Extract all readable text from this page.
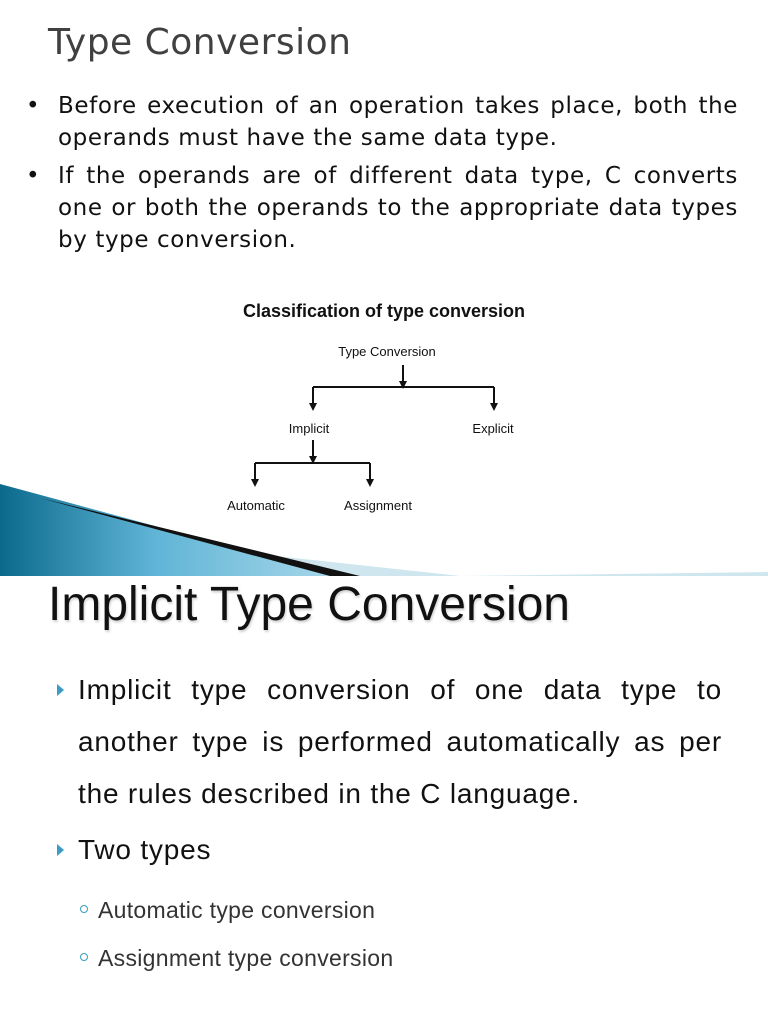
Type Conversion
• Before execution of an operation takes place, both the operands must have the same data type.
• If the operands are of different data type, C converts one or both the operands to the appropriate data types by type conversion.
Classification of type conversion
Type Conversion
Implicit	Explicit
Automatic	Assignment
Implicit Type Conversion
Implicit type conversion of one data type to another type is performed automatically as per the rules described in the C language.
Two types
Automatic type conversion
Assignment type conversion
